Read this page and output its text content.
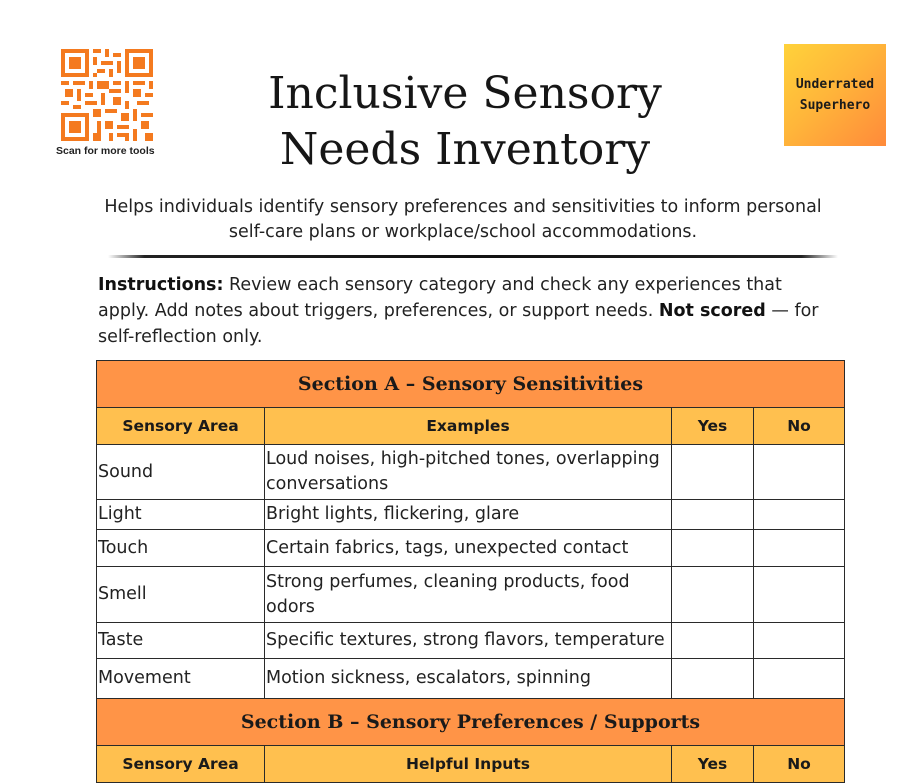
Scan for more tools
Underrated
Superhero
Inclusive Sensory
Needs Inventory

Helps individuals identify sensory preferences and sensitivities to inform personal
self-care plans or workplace/school accommodations.

Instructions: Review each sensory category and check any experiences that apply. Add notes about triggers, preferences, or support needs. Not scored — for self-reflection only.

Section A – Sensory Sensitivities			
Sensory Area	Examples	Yes	No
Sound	Loud noises, high-pitched tones, overlapping conversations		
Light	Bright lights, flickering, glare		
Touch	Certain fabrics, tags, unexpected contact		
Smell	Strong perfumes, cleaning products, food odors		
Taste	Specific textures, strong flavors, temperature		
Movement	Motion sickness, escalators, spinning		
Section B – Sensory Preferences / Supports			
Sensory Area	Helpful Inputs	Yes	No
